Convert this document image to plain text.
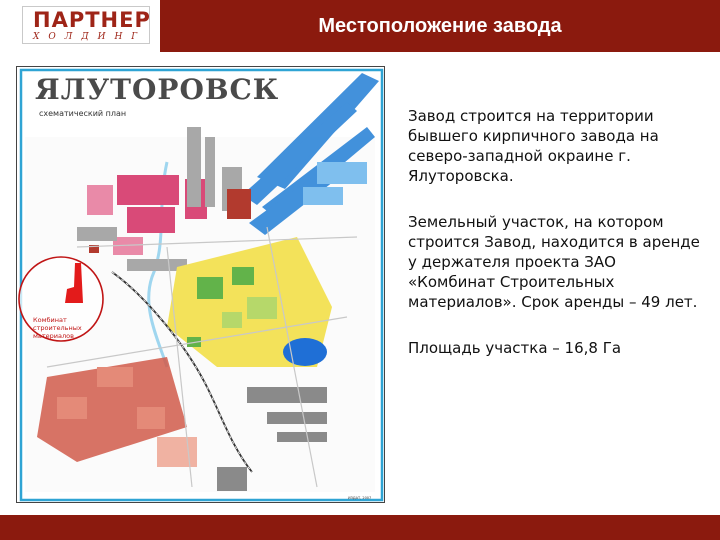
ПАРТНЕР
ХОЛДИНГ	Местоположение завода
ЯЛУТОРОВСК
схематический план
Комбинат строительных материалов
ИЗДАТ, 2007

Завод строится на территории бывшего кирпичного завода на северо-западной окраине г. Ялуторовска.

Земельный участок, на котором строится Завод, находится в аренде у держателя проекта ЗАО «Комбинат Строительных материалов». Срок аренды – 49 лет.

Площадь участка – 16,8 Га
